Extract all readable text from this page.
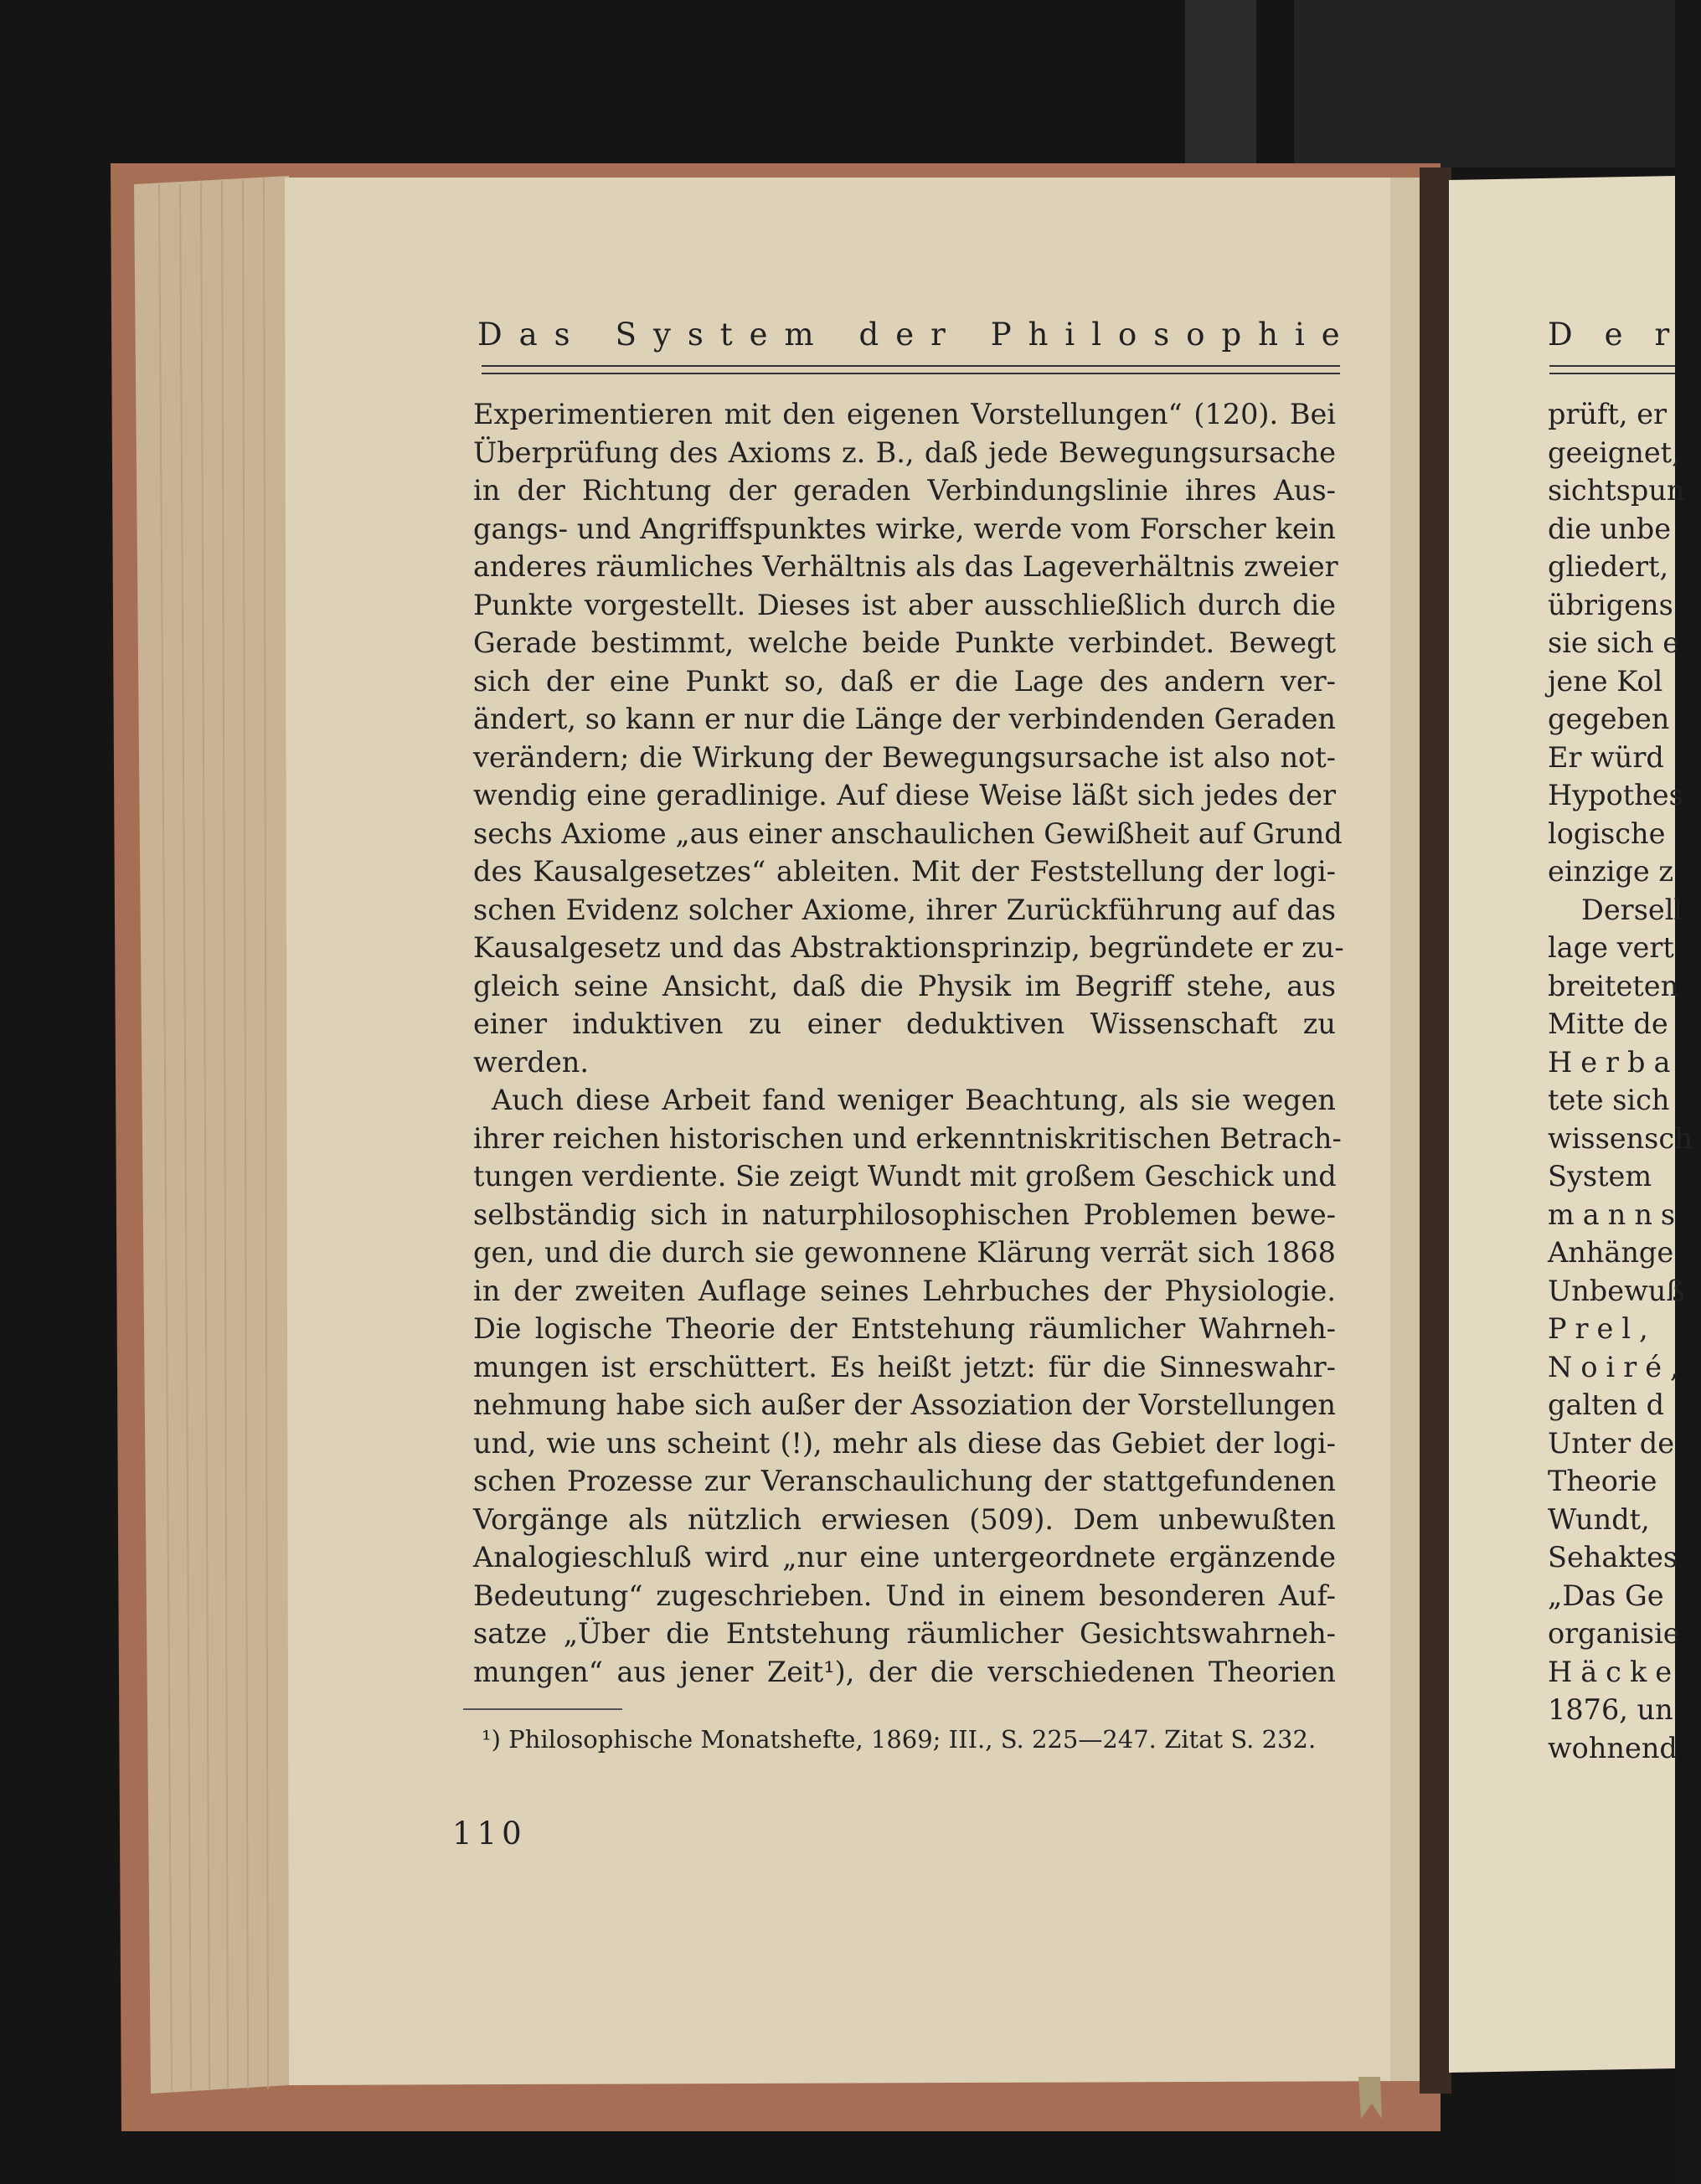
D a s S y s t e m d e r P h i l o s o p h i e
Experimentieren mit den eigenen Vorstellungen“ (120). Bei
Überprüfung des Axioms z. B., daß jede Bewegungsursache
in der Richtung der geraden Verbindungslinie ihres Aus-
gangs- und Angriffspunktes wirke, werde vom Forscher kein
anderes räumliches Verhältnis als das Lageverhältnis zweier
Punkte vorgestellt. Dieses ist aber ausschließlich durch die
Gerade bestimmt, welche beide Punkte verbindet. Bewegt
sich der eine Punkt so, daß er die Lage des andern ver-
ändert, so kann er nur die Länge der verbindenden Geraden
verändern; die Wirkung der Bewegungsursache ist also not-
wendig eine geradlinige. Auf diese Weise läßt sich jedes der
sechs Axiome „aus einer anschaulichen Gewißheit auf Grund
des Kausalgesetzes“ ableiten. Mit der Feststellung der logi-
schen Evidenz solcher Axiome, ihrer Zurückführung auf das
Kausalgesetz und das Abstraktionsprinzip, begründete er zu-
gleich seine Ansicht, daß die Physik im Begriff stehe, aus
einer induktiven zu einer deduktiven Wissenschaft zu
werden.
Auch diese Arbeit fand weniger Beachtung, als sie wegen
ihrer reichen historischen und erkenntniskritischen Betrach-
tungen verdiente. Sie zeigt Wundt mit großem Geschick und
selbständig sich in naturphilosophischen Problemen bewe-
gen, und die durch sie gewonnene Klärung verrät sich 1868
in der zweiten Auflage seines Lehrbuches der Physiologie.
Die logische Theorie der Entstehung räumlicher Wahrneh-
mungen ist erschüttert. Es heißt jetzt: für die Sinneswahr-
nehmung habe sich außer der Assoziation der Vorstellungen
und, wie uns scheint (!), mehr als diese das Gebiet der logi-
schen Prozesse zur Veranschaulichung der stattgefundenen
Vorgänge als nützlich erwiesen (509). Dem unbewußten
Analogieschluß wird „nur eine untergeordnete ergänzende
Bedeutung“ zugeschrieben. Und in einem besonderen Auf-
satze „Über die Entstehung räumlicher Gesichtswahrneh-
mungen“ aus jener Zeit¹), der die verschiedenen Theorien
¹) Philosophische Monatshefte, 1869; III., S. 225—247. Zitat S. 232.
110
Der
prüft, er
geeignet,
sichtspun
die unbe
gliedert,
übrigens
sie sich e
jene Kol
gegeben
Er würd
Hypothes
logische
einzige z
Dersell
lage vert
breiteten
Mitte de
Herba
tete sich
wissensch
System
manns
Anhänge
Unbewuß
Prel,
Noiré,
galten d
Unter de
Theorie
Wundt,
Sehaktes
„Das Ge
organisie
Häcke
1876, un
wohnend
